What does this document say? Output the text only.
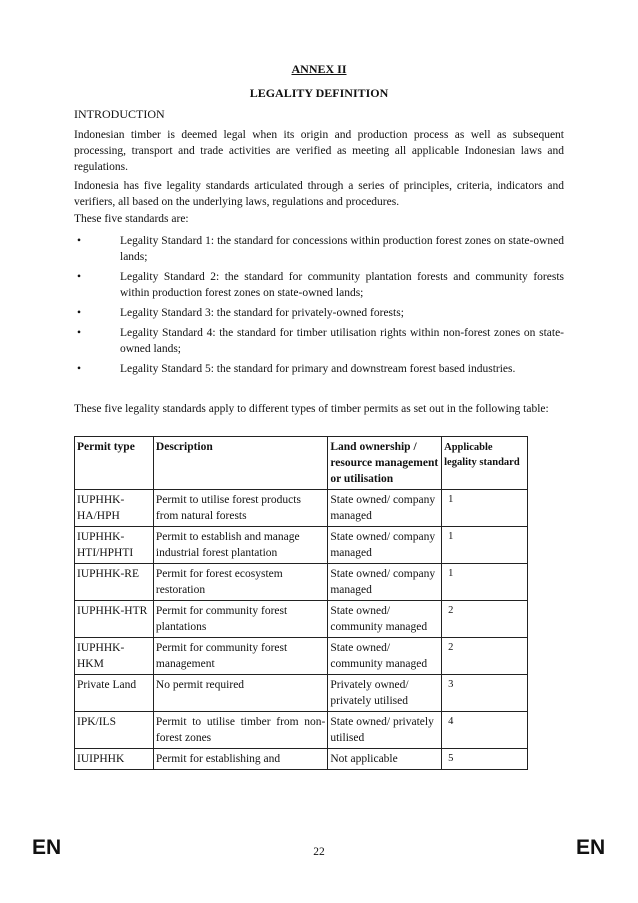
ANNEX II
LEGALITY DEFINITION
INTRODUCTION
Indonesian timber is deemed legal when its origin and production process as well as subsequent processing, transport and trade activities are verified as meeting all applicable Indonesian laws and regulations.
Indonesia has five legality standards articulated through a series of principles, criteria, indicators and verifiers, all based on the underlying laws, regulations and procedures.
These five standards are:
•	Legality Standard 1: the standard for concessions within production forest zones on state-owned lands;
•	Legality Standard 2: the standard for community plantation forests and community forests within production forest zones on state-owned lands;
•	Legality Standard 3: the standard for privately-owned forests;
•	Legality Standard 4: the standard for timber utilisation rights within non-forest zones on state-owned lands;
•	Legality Standard 5: the standard for primary and downstream forest based industries.
These five legality standards apply to different types of timber permits as set out in the following table:
Permit type	Description	Land ownership / resource management or utilisation	Applicable legality standard
IUPHHK-HA/HPH	Permit to utilise forest products from natural forests	State owned/ company managed	1
IUPHHK-HTI/HPHTI	Permit to establish and manage industrial forest plantation	State owned/ company managed	1
IUPHHK-RE	Permit for forest ecosystem restoration	State owned/ company managed	1
IUPHHK-HTR	Permit for community forest plantations	State owned/ community managed	2
IUPHHK-HKM	Permit for community forest management	State owned/ community managed	2
Private Land	No permit required	Privately owned/ privately utilised	3
IPK/ILS	Permit to utilise timber from non-forest zones	State owned/ privately utilised	4
IUIPHHK	Permit for establishing and	Not applicable	5
EN	22	EN
